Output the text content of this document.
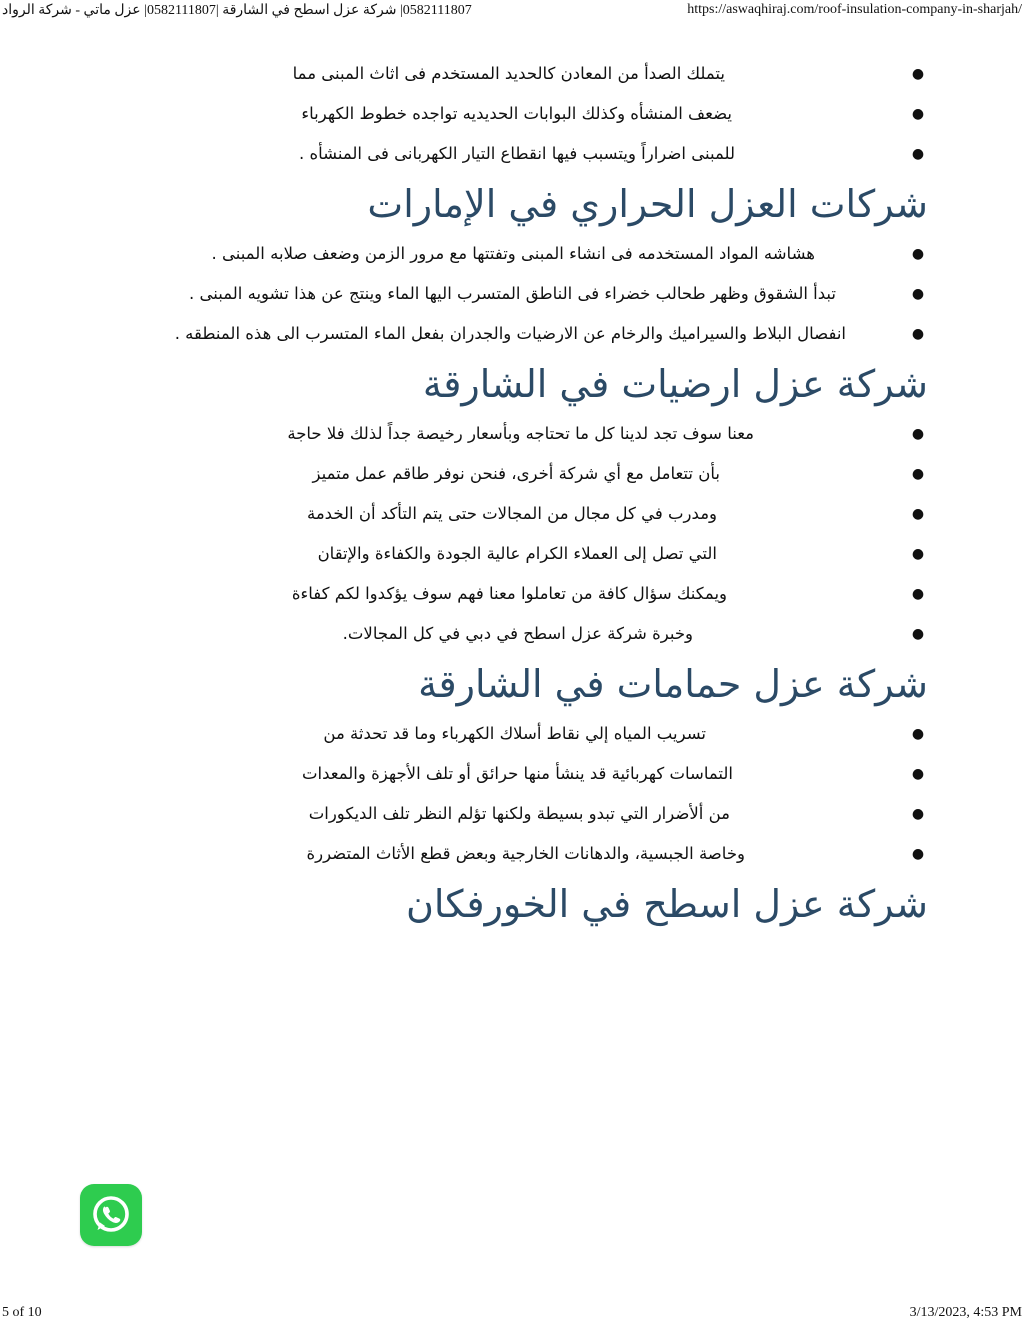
0582111807| شركة عزل اسطح في الشارقة |0582111807| عزل ماتي - شركة الرواد	https://aswaqhiraj.com/roof-insulation-company-in-sharjah/
●
يتملك الصدأ من المعادن كالحديد المستخدم فى اثاث المبنى مما
●
يضعف المنشأه وكذلك البوابات الحديديه تواجده خطوط الكهرباء
●
للمبنى اضراراً ويتسبب فيها انقطاع التيار الكهربانى فى المنشأه .
شركات العزل الحراري في الإمارات
●
هشاشه المواد المستخدمه فى انشاء المبنى وتفتتها مع مرور الزمن وضعف صلابه المبنى .
●
تبدأ الشقوق وظهر طحالب خضراء فى الناطق المتسرب اليها الماء وينتج عن هذا تشويه المبنى .
●
انفصال البلاط والسيراميك والرخام عن الارضيات والجدران بفعل الماء المتسرب الى هذه المنطقه .
شركة عزل ارضيات في الشارقة
●
معنا سوف تجد لدينا كل ما تحتاجه وبأسعار رخيصة جداً لذلك فلا حاجة
●
بأن تتعامل مع أي شركة أخرى، فنحن نوفر طاقم عمل متميز
●
ومدرب في كل مجال من المجالات حتى يتم التأكد أن الخدمة
●
التي تصل إلى العملاء الكرام عالية الجودة والكفاءة والإتقان
●
ويمكنك سؤال كافة من تعاملوا معنا فهم سوف يؤكدوا لكم كفاءة
●
وخبرة شركة عزل اسطح في دبي في كل المجالات.
شركة عزل حمامات في الشارقة
●
تسريب المياه إلي نقاط أسلاك الكهرباء وما قد تحدثة من
●
التماسات كهربائية قد ينشأ منها حرائق أو تلف الأجهزة والمعدات
●
من ألأضرار التي تبدو بسيطة ولكنها تؤلم النظر تلف الديكورات
●
وخاصة الجبسية، والدهانات الخارجية وبعض قطع الأثاث المتضررة
شركة عزل اسطح في الخورفكان
5 of 10	3/13/2023, 4:53 PM
